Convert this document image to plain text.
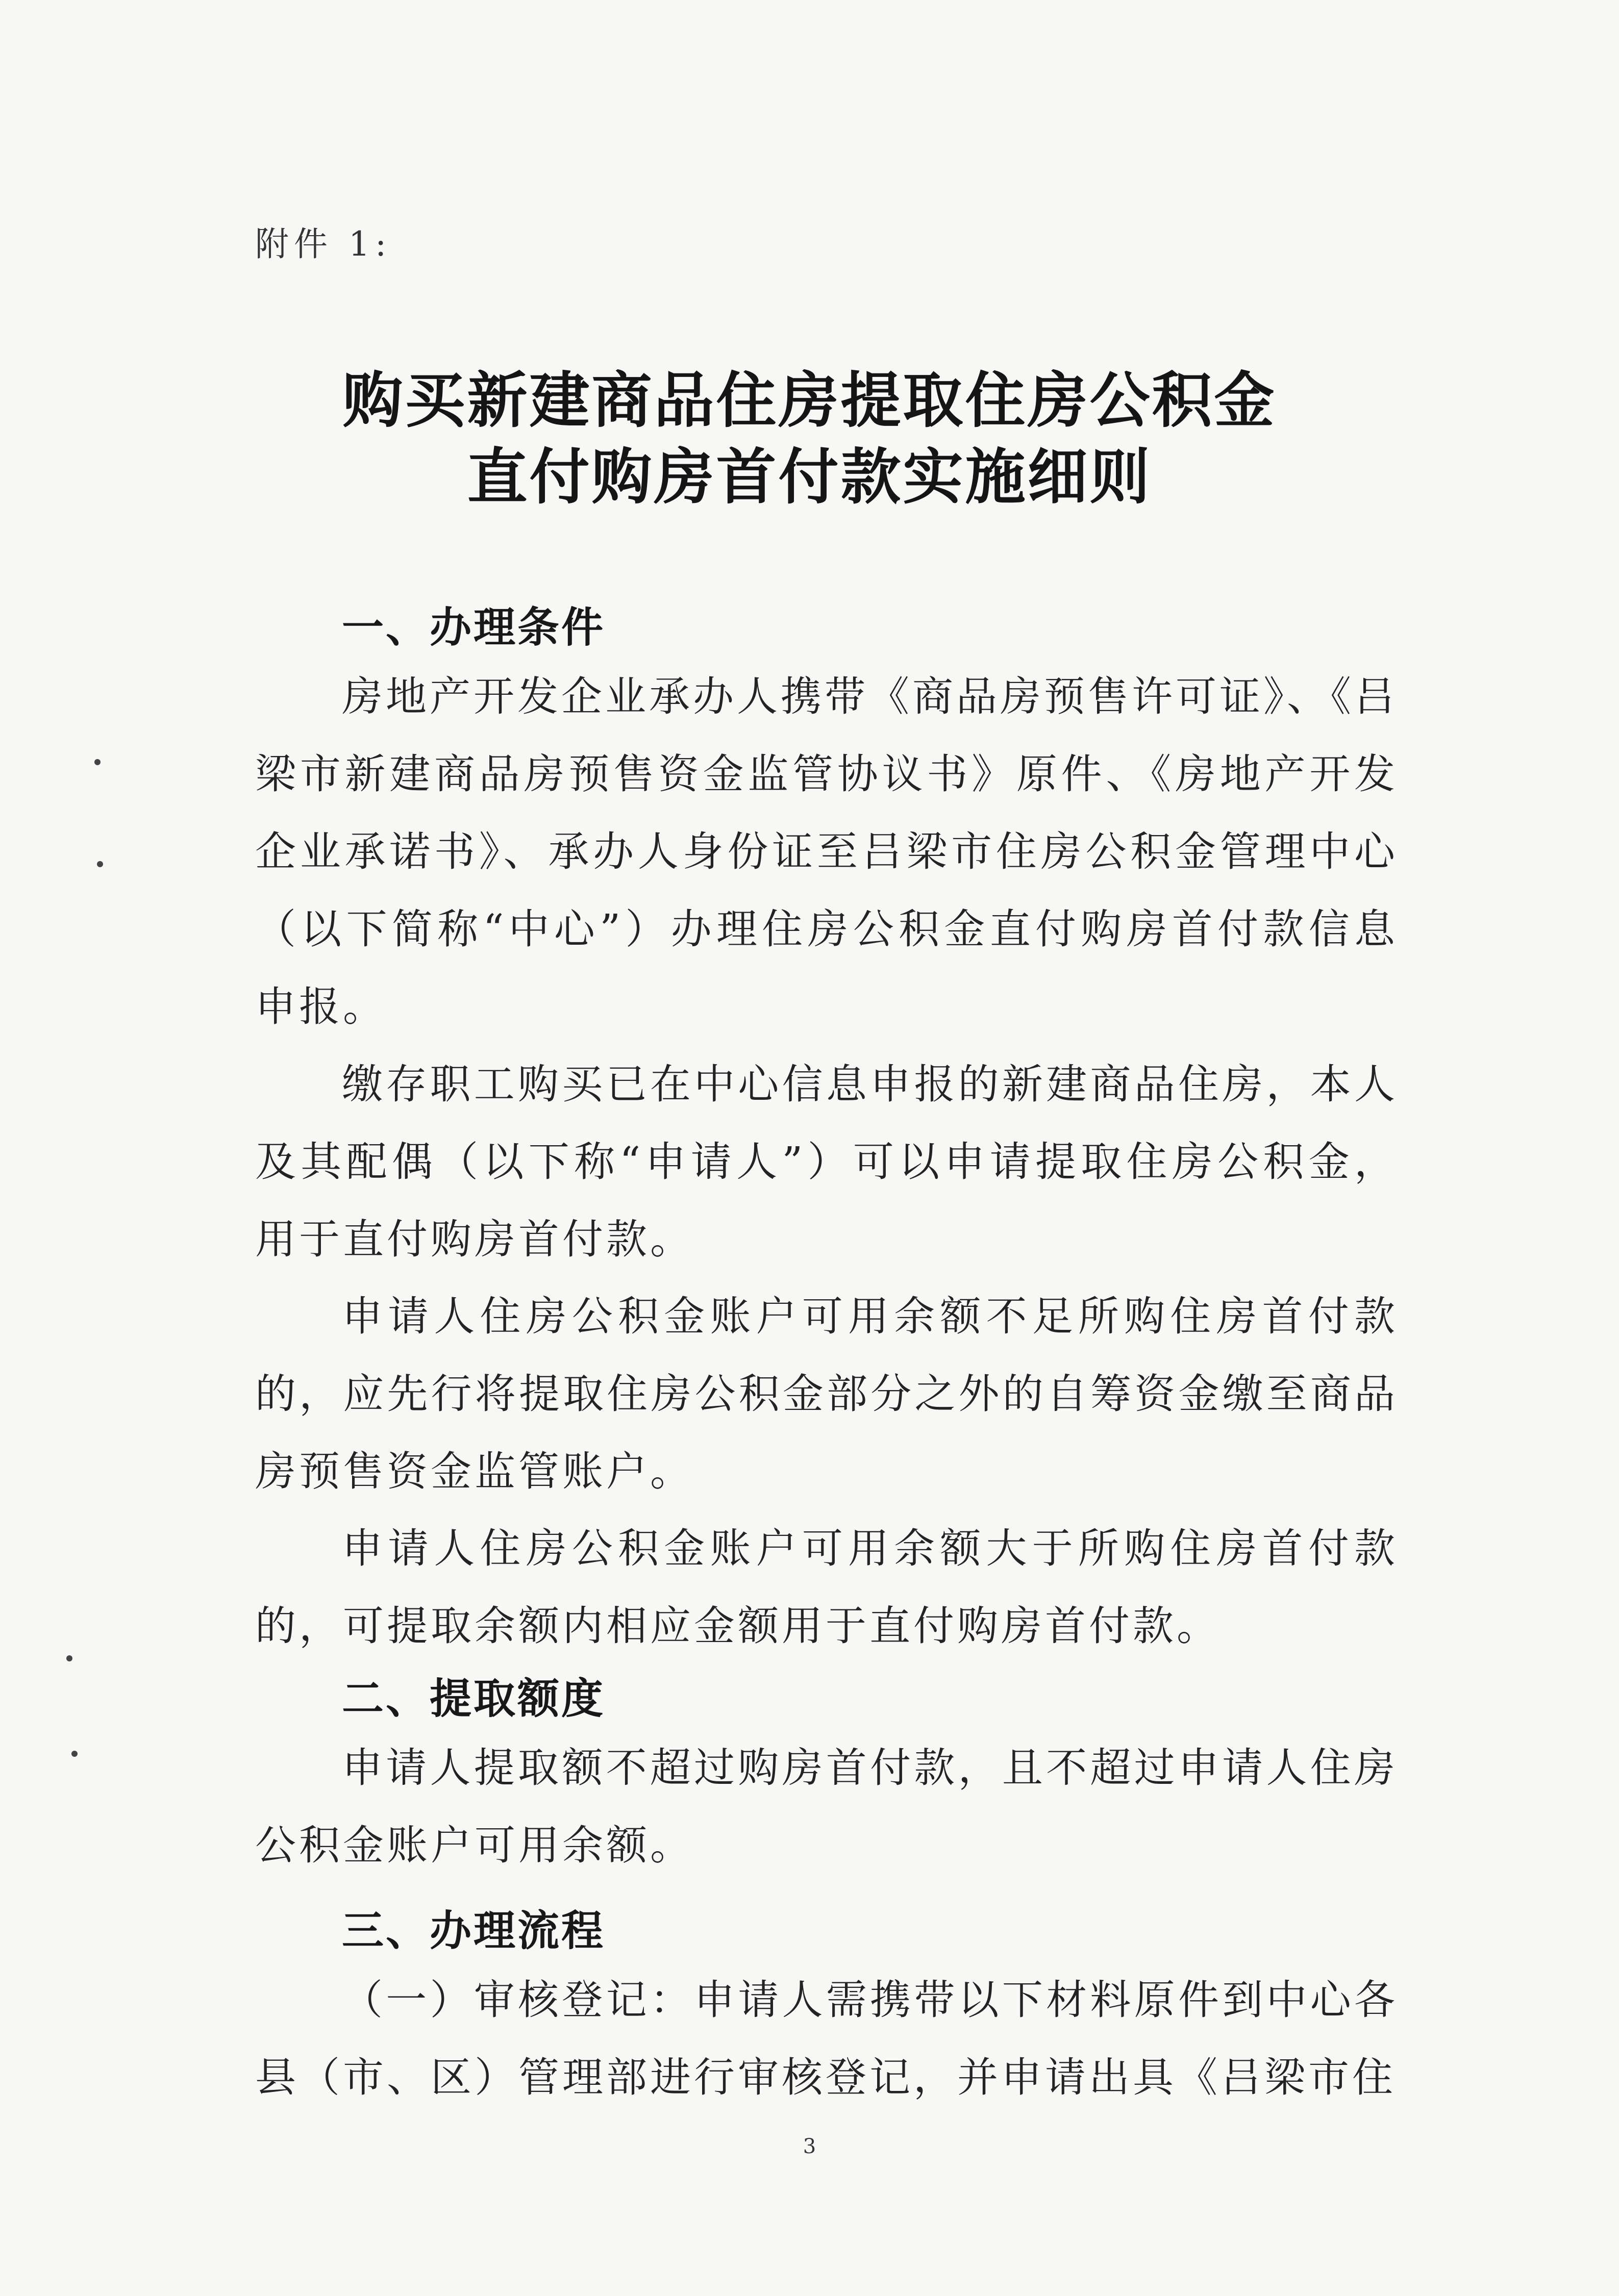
附件 1:
购买新建商品住房提取住房公积金
直付购房首付款实施细则
一、办理条件

房地产开发企业承办人携带《商品房预售许可证》、《吕梁市新建商品房预售资金监管协议书》原件、《房地产开发企业承诺书》、承办人身份证至吕梁市住房公积金管理中心（以下简称“中心”）办理住房公积金直付购房首付款信息申报。

缴存职工购买已在中心信息申报的新建商品住房，本人及其配偶（以下称“申请人”）可以申请提取住房公积金，用于直付购房首付款。

申请人住房公积金账户可用余额不足所购住房首付款的，应先行将提取住房公积金部分之外的自筹资金缴至商品房预售资金监管账户。

申请人住房公积金账户可用余额大于所购住房首付款的，可提取余额内相应金额用于直付购房首付款。

二、提取额度

申请人提取额不超过购房首付款，且不超过申请人住房公积金账户可用余额。

三、办理流程

（一）审核登记：申请人需携带以下材料原件到中心各县（市、区）管理部进行审核登记，并申请出具《吕梁市住

3
